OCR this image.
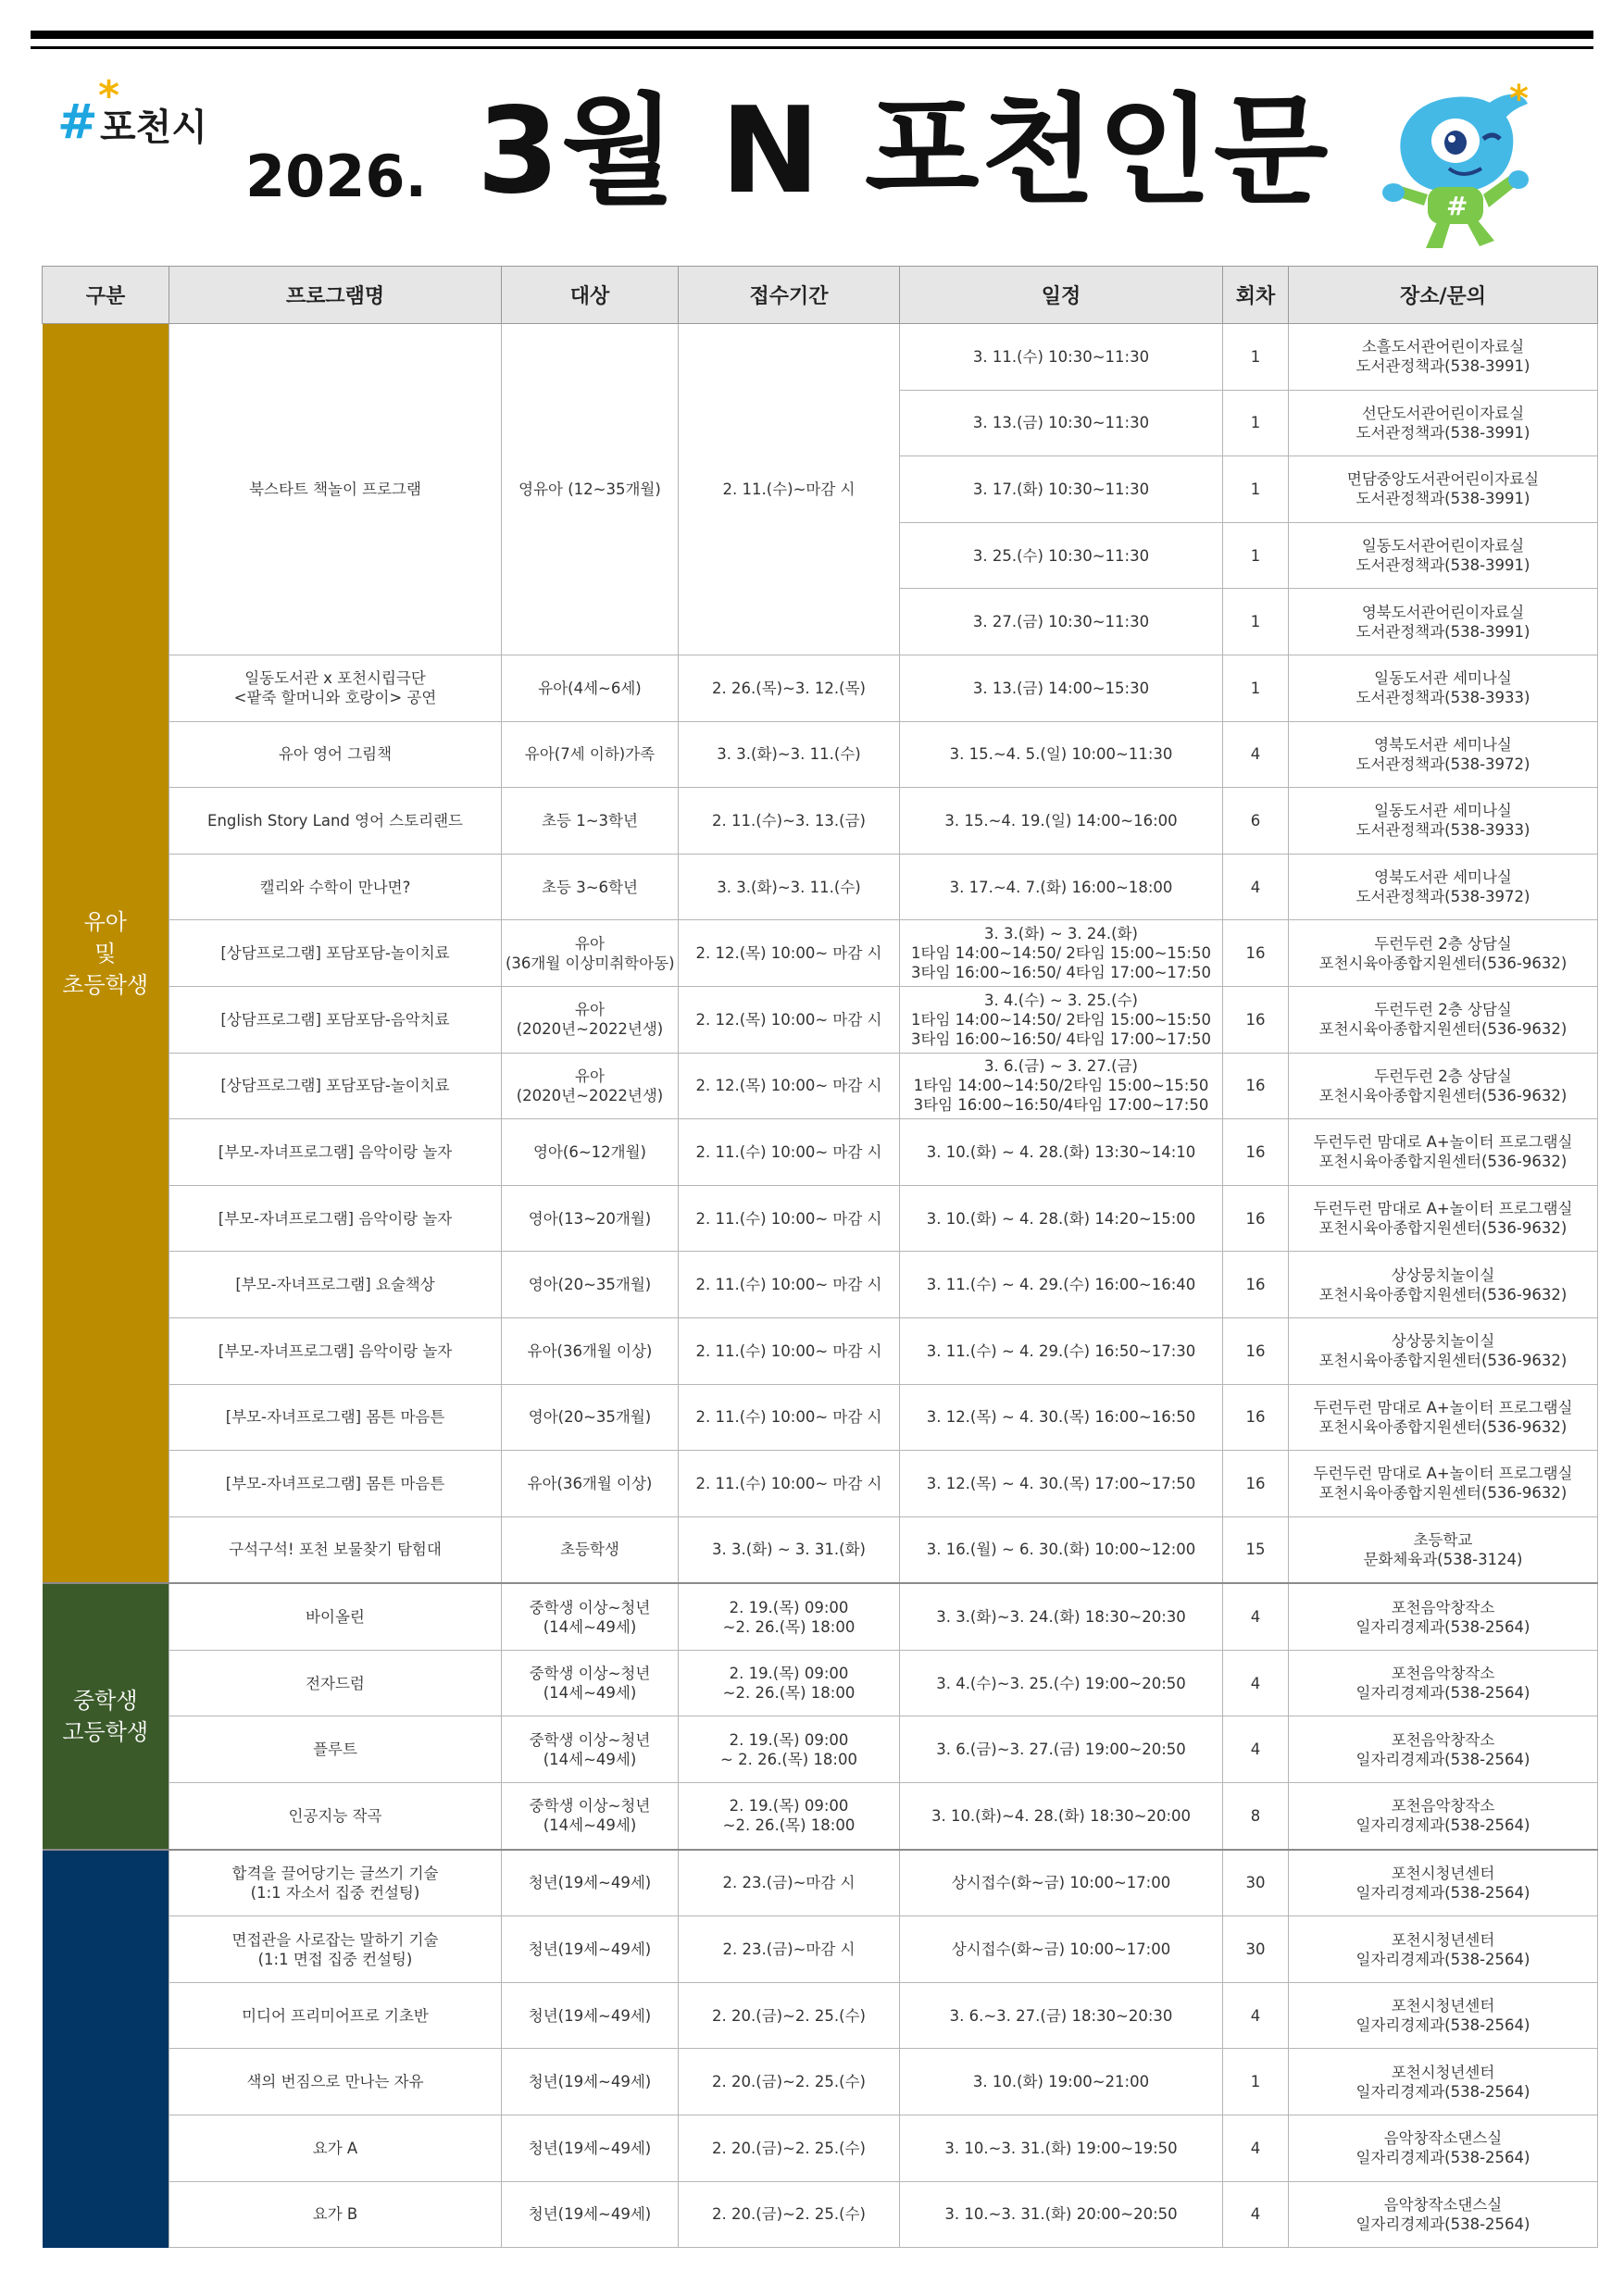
# *
포천시
2026. 3월 N 포천인문	#
*
구분	프로그램명	대상	접수기간	일정	회차	장소/문의

유아
및
초등학생	북스타트 책놀이 프로그램	영유아 (12~35개월)	2. 11.(수)~마감 시	3. 11.(수) 10:30~11:30	1	소흘도서관어린이자료실
도서관정책과(538-3991)

				3. 13.(금) 10:30~11:30	1	선단도서관어린이자료실
도서관정책과(538-3991)

				3. 17.(화) 10:30~11:30	1	면담중앙도서관어린이자료실
도서관정책과(538-3991)

				3. 25.(수) 10:30~11:30	1	일동도서관어린이자료실
도서관정책과(538-3991)

				3. 27.(금) 10:30~11:30	1	영북도서관어린이자료실
도서관정책과(538-3991)

	일동도서관 x 포천시립극단
<팥죽 할머니와 호랑이> 공연	유아(4세~6세)	2. 26.(목)~3. 12.(목)	3. 13.(금) 14:00~15:30	1	일동도서관 세미나실
도서관정책과(538-3933)

	유아 영어 그림책	유아(7세 이하)가족	3. 3.(화)~3. 11.(수)	3. 15.~4. 5.(일) 10:00~11:30	4	영북도서관 세미나실
도서관정책과(538-3972)

	English Story Land 영어 스토리랜드	초등 1~3학년	2. 11.(수)~3. 13.(금)	3. 15.~4. 19.(일) 14:00~16:00	6	일동도서관 세미나실
도서관정책과(538-3933)

	캘리와 수학이 만나면?	초등 3~6학년	3. 3.(화)~3. 11.(수)	3. 17.~4. 7.(화) 16:00~18:00	4	영북도서관 세미나실
도서관정책과(538-3972)

	[상담프로그램] 포담포담-놀이치료	유아
(36개월 이상미취학아동)	2. 12.(목) 10:00~ 마감 시	3. 3.(화) ~ 3. 24.(화)
1타임 14:00~14:50/ 2타임 15:00~15:50
3타임 16:00~16:50/ 4타임 17:00~17:50	16	두런두런 2층 상담실
포천시육아종합지원센터(536-9632)

	[상담프로그램] 포담포담-음악치료	유아
(2020년~2022년생)	2. 12.(목) 10:00~ 마감 시	3. 4.(수) ~ 3. 25.(수)
1타임 14:00~14:50/ 2타임 15:00~15:50
3타임 16:00~16:50/ 4타임 17:00~17:50	16	두런두런 2층 상담실
포천시육아종합지원센터(536-9632)

	[상담프로그램] 포담포담-놀이치료	유아
(2020년~2022년생)	2. 12.(목) 10:00~ 마감 시	3. 6.(금) ~ 3. 27.(금)
1타임 14:00~14:50/2타임 15:00~15:50
3타임 16:00~16:50/4타임 17:00~17:50	16	두런두런 2층 상담실
포천시육아종합지원센터(536-9632)

	[부모-자녀프로그램] 음악이랑 놀자	영아(6~12개월)	2. 11.(수) 10:00~ 마감 시	3. 10.(화) ~ 4. 28.(화) 13:30~14:10	16	두런두런 맘대로 A+놀이터 프로그램실
포천시육아종합지원센터(536-9632)

	[부모-자녀프로그램] 음악이랑 놀자	영아(13~20개월)	2. 11.(수) 10:00~ 마감 시	3. 10.(화) ~ 4. 28.(화) 14:20~15:00	16	두런두런 맘대로 A+놀이터 프로그램실
포천시육아종합지원센터(536-9632)

	[부모-자녀프로그램] 요술책상	영아(20~35개월)	2. 11.(수) 10:00~ 마감 시	3. 11.(수) ~ 4. 29.(수) 16:00~16:40	16	상상뭉치놀이실
포천시육아종합지원센터(536-9632)

	[부모-자녀프로그램] 음악이랑 놀자	유아(36개월 이상)	2. 11.(수) 10:00~ 마감 시	3. 11.(수) ~ 4. 29.(수) 16:50~17:30	16	상상뭉치놀이실
포천시육아종합지원센터(536-9632)

	[부모-자녀프로그램] 몸튼 마음튼	영아(20~35개월)	2. 11.(수) 10:00~ 마감 시	3. 12.(목) ~ 4. 30.(목) 16:00~16:50	16	두런두런 맘대로 A+놀이터 프로그램실
포천시육아종합지원센터(536-9632)

	[부모-자녀프로그램] 몸튼 마음튼	유아(36개월 이상)	2. 11.(수) 10:00~ 마감 시	3. 12.(목) ~ 4. 30.(목) 17:00~17:50	16	두런두런 맘대로 A+놀이터 프로그램실
포천시육아종합지원센터(536-9632)

	구석구석! 포천 보물찾기 탐험대	초등학생	3. 3.(화) ~ 3. 31.(화)	3. 16.(월) ~ 6. 30.(화) 10:00~12:00	15	초등학교
문화체육과(538-3124)

중학생
고등학생	바이올린	중학생 이상~청년
(14세~49세)	2. 19.(목) 09:00
~2. 26.(목) 18:00	3. 3.(화)~3. 24.(화) 18:30~20:30	4	포천음악창작소
일자리경제과(538-2564)

	전자드럼	중학생 이상~청년
(14세~49세)	2. 19.(목) 09:00
~2. 26.(목) 18:00	3. 4.(수)~3. 25.(수) 19:00~20:50	4	포천음악창작소
일자리경제과(538-2564)

	플루트	중학생 이상~청년
(14세~49세)	2. 19.(목) 09:00
~ 2. 26.(목) 18:00	3. 6.(금)~3. 27.(금) 19:00~20:50	4	포천음악창작소
일자리경제과(538-2564)

	인공지능 작곡	중학생 이상~청년
(14세~49세)	2. 19.(목) 09:00
~2. 26.(목) 18:00	3. 10.(화)~4. 28.(화) 18:30~20:00	8	포천음악창작소
일자리경제과(538-2564)

	합격을 끌어당기는 글쓰기 기술
(1:1 자소서 집중 컨설팅)	청년(19세~49세)	2. 23.(금)~마감 시	상시접수(화~금) 10:00~17:00	30	포천시청년센터
일자리경제과(538-2564)

	면접관을 사로잡는 말하기 기술
(1:1 면접 집중 컨설팅)	청년(19세~49세)	2. 23.(금)~마감 시	상시접수(화~금) 10:00~17:00	30	포천시청년센터
일자리경제과(538-2564)

	미디어 프리미어프로 기초반	청년(19세~49세)	2. 20.(금)~2. 25.(수)	3. 6.~3. 27.(금) 18:30~20:30	4	포천시청년센터
일자리경제과(538-2564)

	색의 번짐으로 만나는 자유	청년(19세~49세)	2. 20.(금)~2. 25.(수)	3. 10.(화) 19:00~21:00	1	포천시청년센터
일자리경제과(538-2564)

	요가 A	청년(19세~49세)	2. 20.(금)~2. 25.(수)	3. 10.~3. 31.(화) 19:00~19:50	4	음악창작소댄스실
일자리경제과(538-2564)

	요가 B	청년(19세~49세)	2. 20.(금)~2. 25.(수)	3. 10.~3. 31.(화) 20:00~20:50	4	음악창작소댄스실
일자리경제과(538-2564)
